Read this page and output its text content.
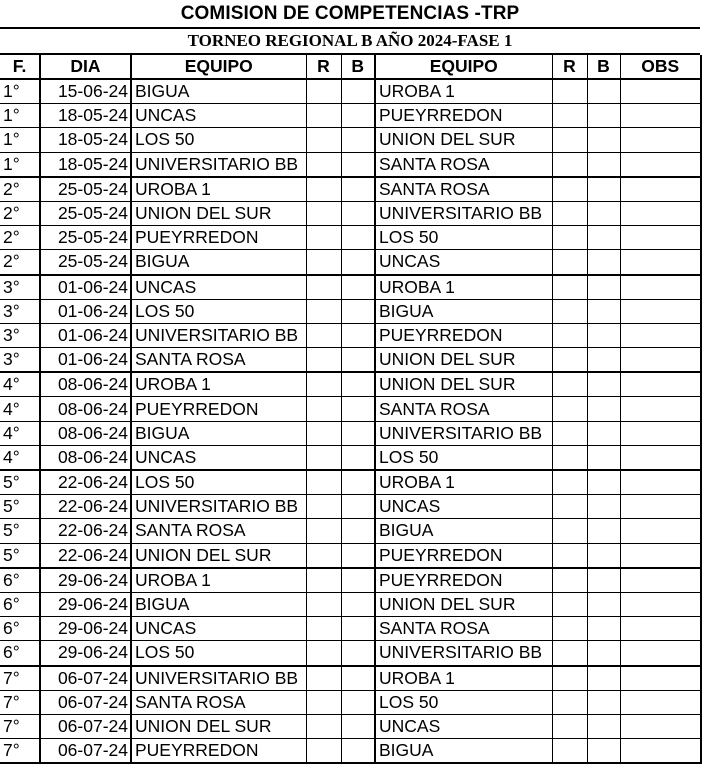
COMISION DE COMPETENCIAS -TRP
TORNEO REGIONAL B AÑO 2024-FASE 1
F.	DIA	EQUIPO	R	B	EQUIPO	R	B	OBS
1°	15-06-24	BIGUA			UROBA 1			
1°	18-05-24	UNCAS			PUEYRREDON			
1°	18-05-24	LOS 50			UNION DEL SUR			
1°	18-05-24	UNIVERSITARIO BB			SANTA ROSA			
2°	25-05-24	UROBA 1			SANTA ROSA			
2°	25-05-24	UNION DEL SUR			UNIVERSITARIO BB			
2°	25-05-24	PUEYRREDON			LOS 50			
2°	25-05-24	BIGUA			UNCAS			
3°	01-06-24	UNCAS			UROBA 1			
3°	01-06-24	LOS 50			BIGUA			
3°	01-06-24	UNIVERSITARIO BB			PUEYRREDON			
3°	01-06-24	SANTA ROSA			UNION DEL SUR			
4°	08-06-24	UROBA 1			UNION DEL SUR			
4°	08-06-24	PUEYRREDON			SANTA ROSA			
4°	08-06-24	BIGUA			UNIVERSITARIO BB			
4°	08-06-24	UNCAS			LOS 50			
5°	22-06-24	LOS 50			UROBA 1			
5°	22-06-24	UNIVERSITARIO BB			UNCAS			
5°	22-06-24	SANTA ROSA			BIGUA			
5°	22-06-24	UNION DEL SUR			PUEYRREDON			
6°	29-06-24	UROBA 1			PUEYRREDON			
6°	29-06-24	BIGUA			UNION DEL SUR			
6°	29-06-24	UNCAS			SANTA ROSA			
6°	29-06-24	LOS 50			UNIVERSITARIO BB			
7°	06-07-24	UNIVERSITARIO BB			UROBA 1			
7°	06-07-24	SANTA ROSA			LOS 50			
7°	06-07-24	UNION DEL SUR			UNCAS			
7°	06-07-24	PUEYRREDON			BIGUA			
